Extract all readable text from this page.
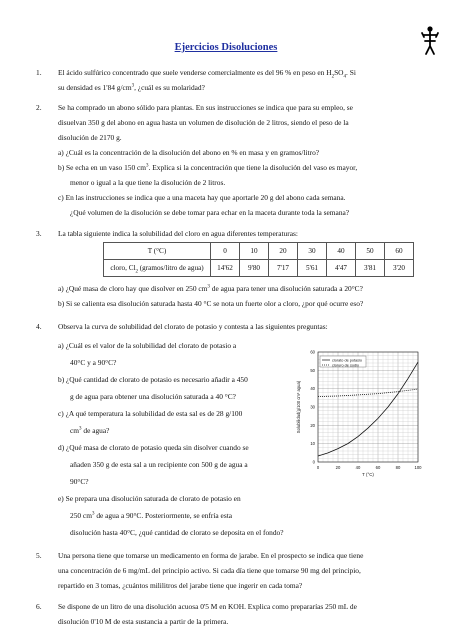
Ejercicios Disoluciones
1. El ácido sulfúrico concentrado que suele venderse comercialmente es del 96 % en peso en $H_2SO_4$. Si
su densidad es 1'84 $g/cm^3$, ¿cuál es su molaridad?
2. Se ha comprado un abono sólido para plantas. En sus instrucciones se indica que para su empleo, se
disuelvan 350 g del abono en agua hasta un volumen de disolución de 2 litros, siendo el peso de la
disolución de 2170 g.
a) ¿Cuál es la concentración de la disolución del abono en % en masa y en gramos/litro?
b) Se echa en un vaso 150 $cm^3$. Explica si la concentración que tiene la disolución del vaso es mayor,
menor o igual a la que tiene la disolución de 2 litros.
c) En las instrucciones se indica que a una maceta hay que aportarle 20 g del abono cada semana.
¿Qué volumen de la disolución se debe tomar para echar en la maceta durante toda la semana?
3. La tabla siguiente indica la solubilidad del cloro en agua diferentes temperaturas:
T (°C)	0	10	20	30	40	50	60
cloro, $Cl_2$ (gramos/litro de agua)	14'62	9'80	7'17	5'61	4'47	3'81	3'20
a) ¿Qué masa de cloro hay que disolver en 250 $cm^3$ de agua para tener una disolución saturada a 20°C?
b) Si se calienta esa disolución saturada hasta 40 °C se nota un fuerte olor a cloro, ¿por qué ocurre eso?
4. Observa la curva de solubilidad del clorato de potasio y contesta a las siguientes preguntas:
a) ¿Cuál es el valor de la solubilidad del clorato de potasio a
40°C y a 90°C?
b) ¿Qué cantidad de clorato de potasio es necesario añadir a 450
g de agua para obtener una disolución saturada a 40 °C?
c) ¿A qué temperatura la solubilidad de esta sal es de 28 g/100
$cm^3$ de agua?
d) ¿Qué masa de clorato de potasio queda sin disolver cuando se
añaden 350 g de esta sal a un recipiente con 500 g de agua a
90°C?
e) Se prepara una disolución saturada de clorato de potasio en
250 $cm^3$ de agua a 90°C. Posteriormente, se enfría esta
disolución hasta 40°C, ¿qué cantidad de clorato se deposita en el fondo?
0	20	40	60	80	100
0
10
20
30
40
50
60
T (°C)
Solubilidad(g/100 cm³ agua)
clorato de potasio
cloruro de sodio
5. Una persona tiene que tomarse un medicamento en forma de jarabe. En el prospecto se indica que tiene
una concentración de 6 mg/mL del principio activo. Si cada día tiene que tomarse 90 mg del principio,
repartido en 3 tomas, ¿cuántos mililitros del jarabe tiene que ingerir en cada toma?
6. Se dispone de un litro de una disolución acuosa 0'5 M en KOH. Explica como prepararías 250 mL de
disolución 0'10 M de esta sustancia a partir de la primera.
